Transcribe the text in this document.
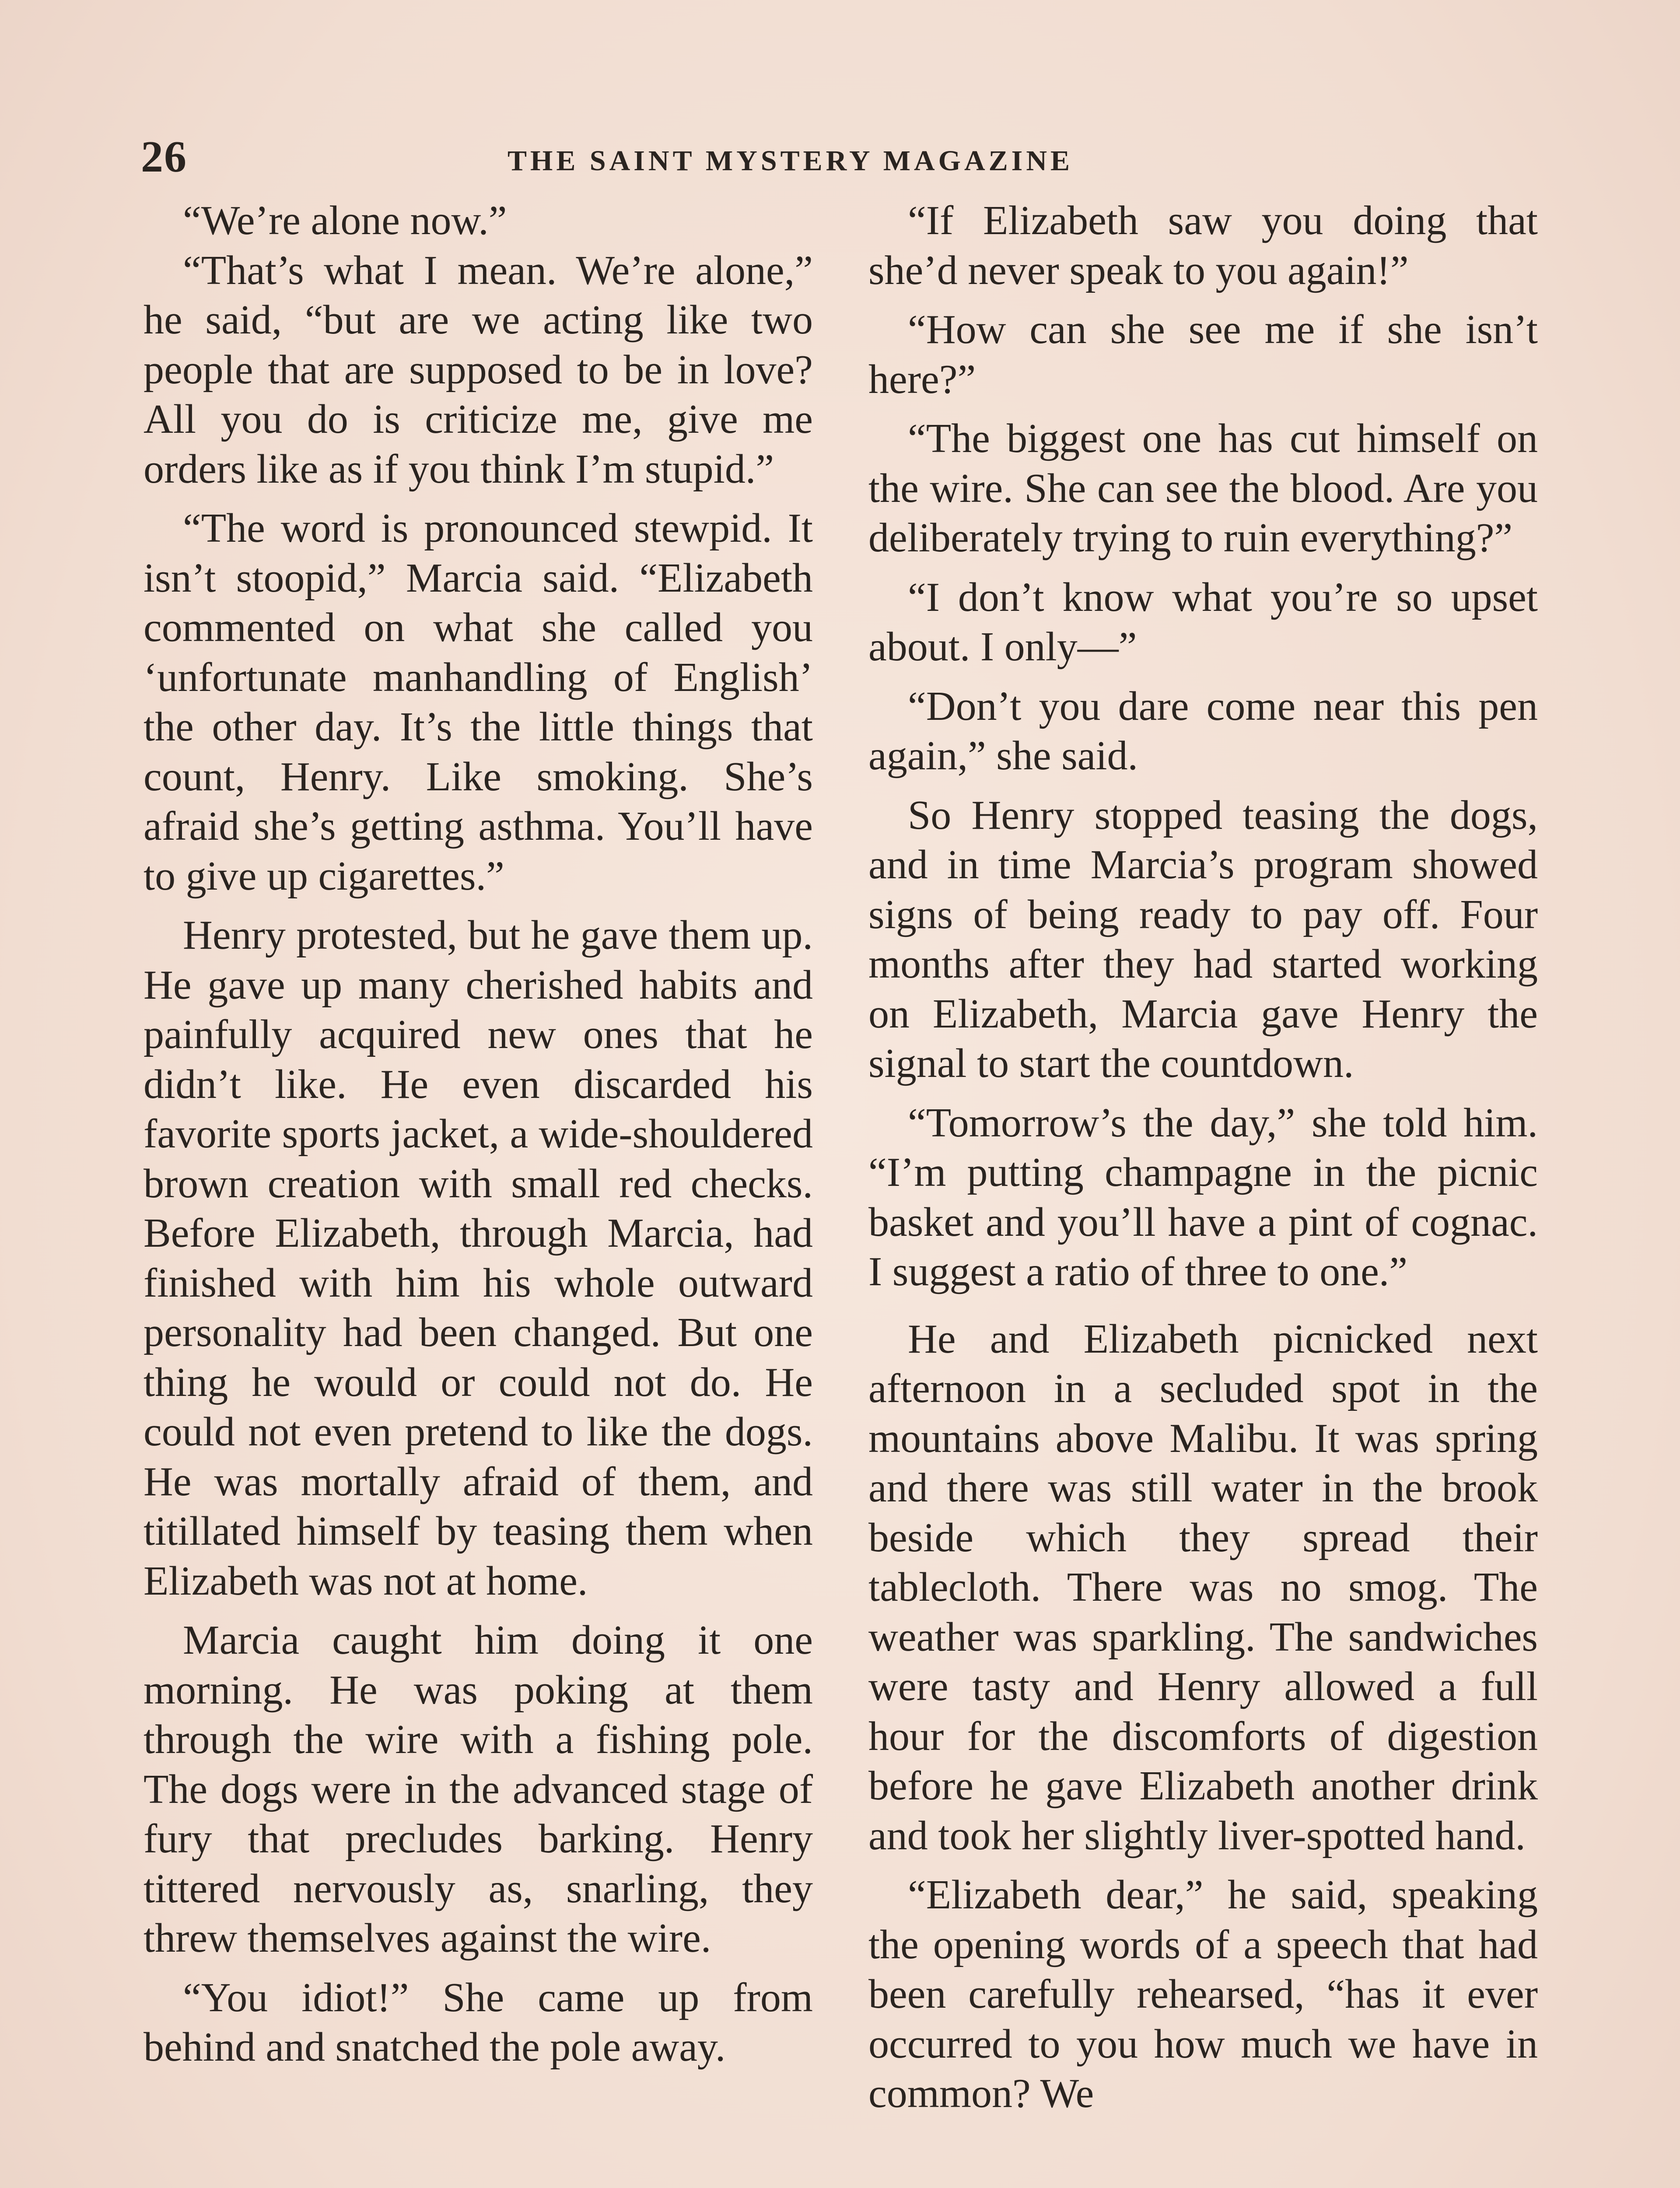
26	THE SAINT MYSTERY MAGAZINE

“We’re alone now.”

“That’s what I mean. We’re alone,” he said, “but are we acting like two people that are supposed to be in love? All you do is criticize me, give me orders like as if you think I’m stupid.”

“The word is pronounced stewpid. It isn’t stoopid,” Marcia said. “Elizabeth commented on what she called you ‘unfortunate manhandling of English’ the other day. It’s the little things that count, Henry. Like smoking. She’s afraid she’s getting asthma. You’ll have to give up cigarettes.”

Henry protested, but he gave them up. He gave up many cherished habits and painfully acquired new ones that he didn’t like. He even discarded his favorite sports jacket, a wide-shouldered brown creation with small red checks. Before Elizabeth, through Marcia, had finished with him his whole outward personality had been changed. But one thing he would or could not do. He could not even pretend to like the dogs. He was mortally afraid of them, and titillated himself by teasing them when Elizabeth was not at home.

Marcia caught him doing it one morning. He was poking at them through the wire with a fishing pole. The dogs were in the advanced stage of fury that precludes barking. Henry tittered nervously as, snarling, they threw themselves against the wire.

“You idiot!” She came up from behind and snatched the pole away.

“If Elizabeth saw you doing that she’d never speak to you again!”

“How can she see me if she isn’t here?”

“The biggest one has cut himself on the wire. She can see the blood. Are you deliberately trying to ruin everything?”

“I don’t know what you’re so upset about. I only—”

“Don’t you dare come near this pen again,” she said.

So Henry stopped teasing the dogs, and in time Marcia’s program showed signs of being ready to pay off. Four months after they had started working on Elizabeth, Marcia gave Henry the signal to start the countdown.

“Tomorrow’s the day,” she told him. “I’m putting champagne in the picnic basket and you’ll have a pint of cognac. I suggest a ratio of three to one.”

He and Elizabeth picnicked next afternoon in a secluded spot in the mountains above Malibu. It was spring and there was still water in the brook beside which they spread their tablecloth. There was no smog. The weather was sparkling. The sandwiches were tasty and Henry allowed a full hour for the discomforts of digestion before he gave Elizabeth another drink and took her slightly liver-spotted hand.

“Elizabeth dear,” he said, speaking the opening words of a speech that had been carefully rehearsed, “has it ever occurred to you how much we have in common? We
